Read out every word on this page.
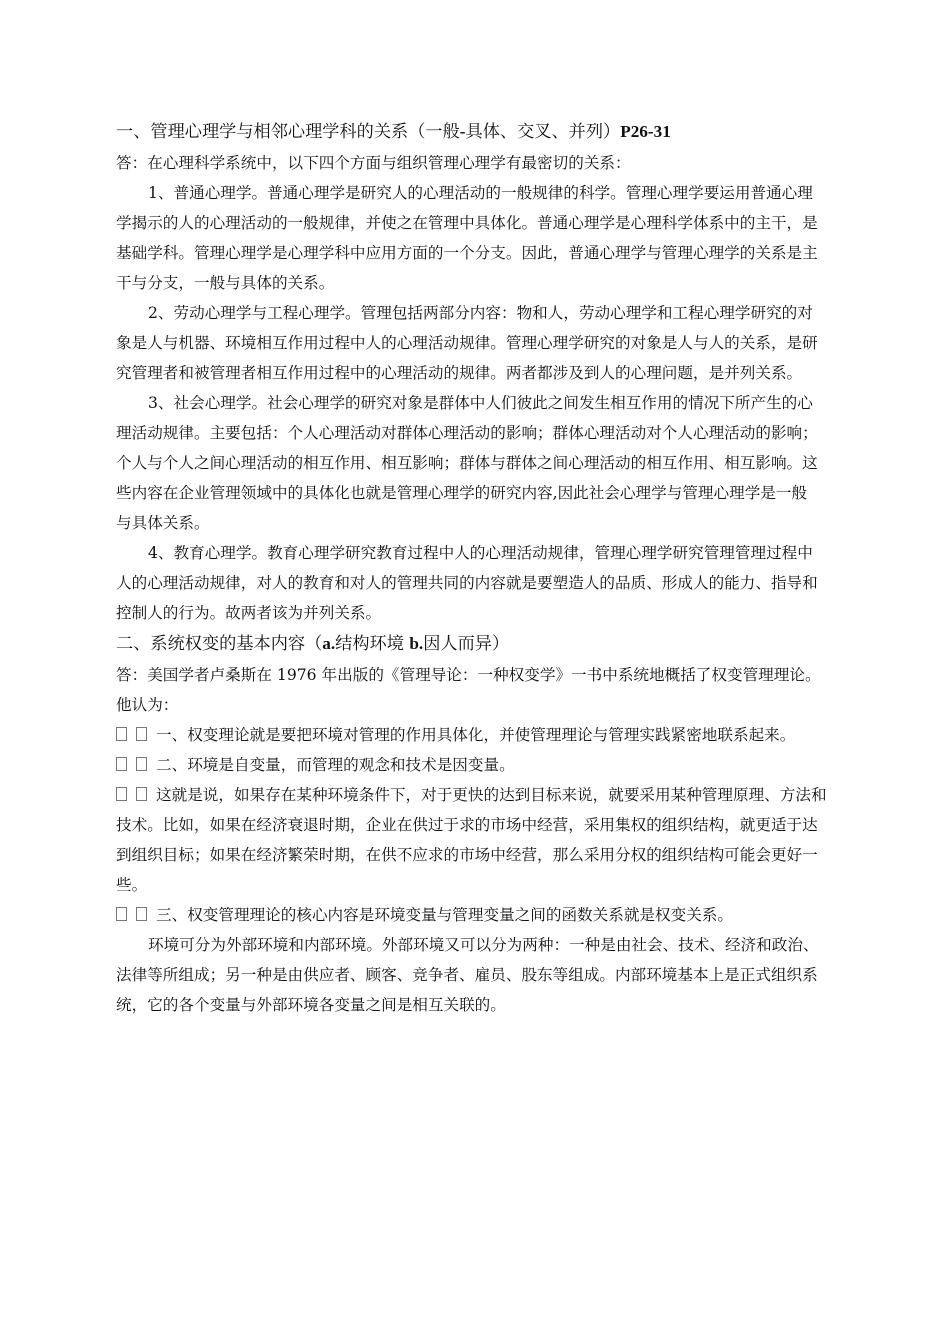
一、管理心理学与相邻心理学科的关系（一般-具体、交叉、并列）P26-31

答：在心理科学系统中，以下四个方面与组织管理心理学有最密切的关系：

1、普通心理学。普通心理学是研究人的心理活动的一般规律的科学。管理心理学要运用普通心理

学揭示的人的心理活动的一般规律，并使之在管理中具体化。普通心理学是心理科学体系中的主干，是

基础学科。管理心理学是心理学科中应用方面的一个分支。因此，普通心理学与管理心理学的关系是主

干与分支，一般与具体的关系。

2、劳动心理学与工程心理学。管理包括两部分内容：物和人，劳动心理学和工程心理学研究的对

象是人与机器、环境相互作用过程中人的心理活动规律。管理心理学研究的对象是人与人的关系，是研

究管理者和被管理者相互作用过程中的心理活动的规律。两者都涉及到人的心理问题，是并列关系。

3、社会心理学。社会心理学的研究对象是群体中人们彼此之间发生相互作用的情况下所产生的心

理活动规律。主要包括：个人心理活动对群体心理活动的影响；群体心理活动对个人心理活动的影响；

个人与个人之间心理活动的相互作用、相互影响；群体与群体之间心理活动的相互作用、相互影响。这

些内容在企业管理领域中的具体化也就是管理心理学的研究内容,因此社会心理学与管理心理学是一般

与具体关系。

4、教育心理学。教育心理学研究教育过程中人的心理活动规律，管理心理学研究管理管理过程中

人的心理活动规律，对人的教育和对人的管理共同的内容就是要塑造人的品质、形成人的能力、指导和

控制人的行为。故两者该为并列关系。

二、系统权变的基本内容（a.结构环境 b.因人而异）

答：美国学者卢桑斯在 1976 年出版的《管理导论：一种权变学》一书中系统地概括了权变管理理论。

他认为：

一、权变理论就是要把环境对管理的作用具体化，并使管理理论与管理实践紧密地联系起来。

二、环境是自变量，而管理的观念和技术是因变量。

这就是说，如果存在某种环境条件下，对于更快的达到目标来说，就要采用某种管理原理、方法和

技术。比如，如果在经济衰退时期，企业在供过于求的市场中经营，采用集权的组织结构，就更适于达

到组织目标；如果在经济繁荣时期，在供不应求的市场中经营，那么采用分权的组织结构可能会更好一

些。

三、权变管理理论的核心内容是环境变量与管理变量之间的函数关系就是权变关系。

环境可分为外部环境和内部环境。外部环境又可以分为两种：一种是由社会、技术、经济和政治、

法律等所组成；另一种是由供应者、顾客、竞争者、雇员、股东等组成。内部环境基本上是正式组织系

统，它的各个变量与外部环境各变量之间是相互关联的。
